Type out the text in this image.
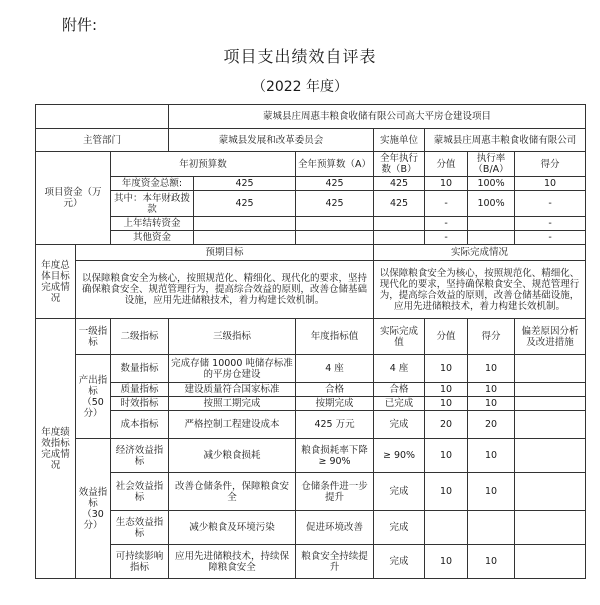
附件:
项目支出绩效自评表
（2022 年度）
			蒙城县庄周惠丰粮食收储有限公司高大平房仓建设项目						
主管部门			蒙城县发展和改革委员会			实施单位	蒙城县庄周惠丰粮食收储有限公司		
项目资金（万元）		年初预算数			全年预算数（A）	全年执行数（B）	分值	执行率（B/A）	得分
		年度资金总额:		425	425	425	10	100%	10
		其中：本年财政拨款		425	425	425	-	100%	-
		上年结转资金					-		-
		其他资金					-		-
年度总体目标完成情况	预期目标					实际完成情况			
	以保障粮食安全为核心，按照规范化、精细化、现代化的要求，坚持确保粮食安全、规范管理行为，提高综合效益的原则，改善仓储基础设施，应用先进储粮技术，着力构建长效机制。					以保障粮食安全为核心，按照规范化、精细化、现代化的要求，坚持确保粮食安全、规范管理行为，提高综合效益的原则，改善仓储基础设施，应用先进储粮技术，着力构建长效机制。			
年度绩效指标完成情况	一级指标	二级指标	三级指标		年度指标值	实际完成值	分值	得分	偏差原因分析及改进措施
	产出指标（50分）	数量指标	完成存储 10000 吨储存标准的平房仓建设		4 座	4 座	10	10	
		质量指标	建设质量符合国家标准		合格	合格	10	10	
		时效指标	按照工期完成		按期完成	已完成	10	10	
		成本指标	严格控制工程建设成本		425 万元	完成	20	20	
	效益指标（30分）	经济效益指标	减少粮食损耗		粮食损耗率下降 ≥ 90%	≥ 90%	10	10	
		社会效益指标	改善仓储条件，保障粮食安全		仓储条件进一步提升	完成	10	10	
		生态效益指标	减少粮食及环境污染		促进环境改善	完成			
		可持续影响指标	应用先进储粮技术，持续保障粮食安全		粮食安全持续提升	完成	10	10	
